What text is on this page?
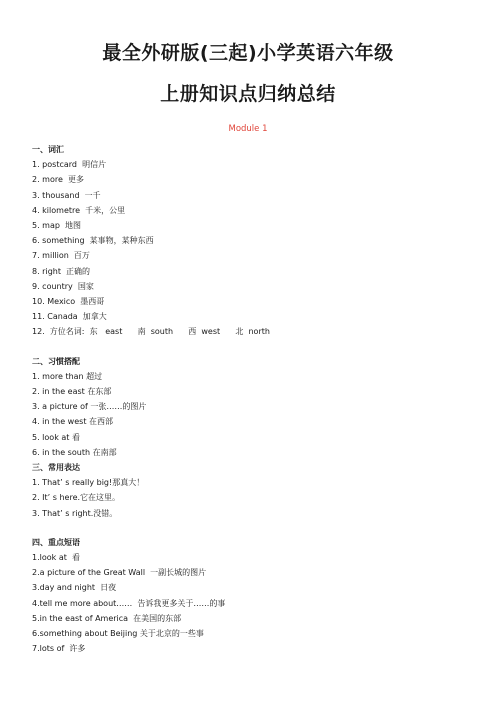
最全外研版(三起)小学英语六年级
上册知识点归纳总结

Module 1

一、词汇

1. postcard  明信片

2. more  更多

3. thousand  一千

4. kilometre  千米，公里

5. map  地图

6. something  某事物，某种东西

7. million  百万

8. right  正确的

9. country  国家

10. Mexico  墨西哥

11. Canada  加拿大

12.  方位名词:  东   east      南  south      西  west      北  north

二、习惯搭配

1. more than 超过

2. in the east 在东部

3. a picture of 一张……的图片

4. in the west 在西部

5. look at 看

6. in the south 在南部

三、常用表达

1. That’ s really big!那真大！

2. It’ s here.它在这里。

3. That’ s right.没错。

四、重点短语

1.look at  看

2.a picture of the Great Wall  一副长城的图片

3.day and night  日夜

4.tell me more about……  告诉我更多关于……的事

5.in the east of America  在美国的东部

6.something about Beijing 关于北京的一些事

7.lots of  许多
